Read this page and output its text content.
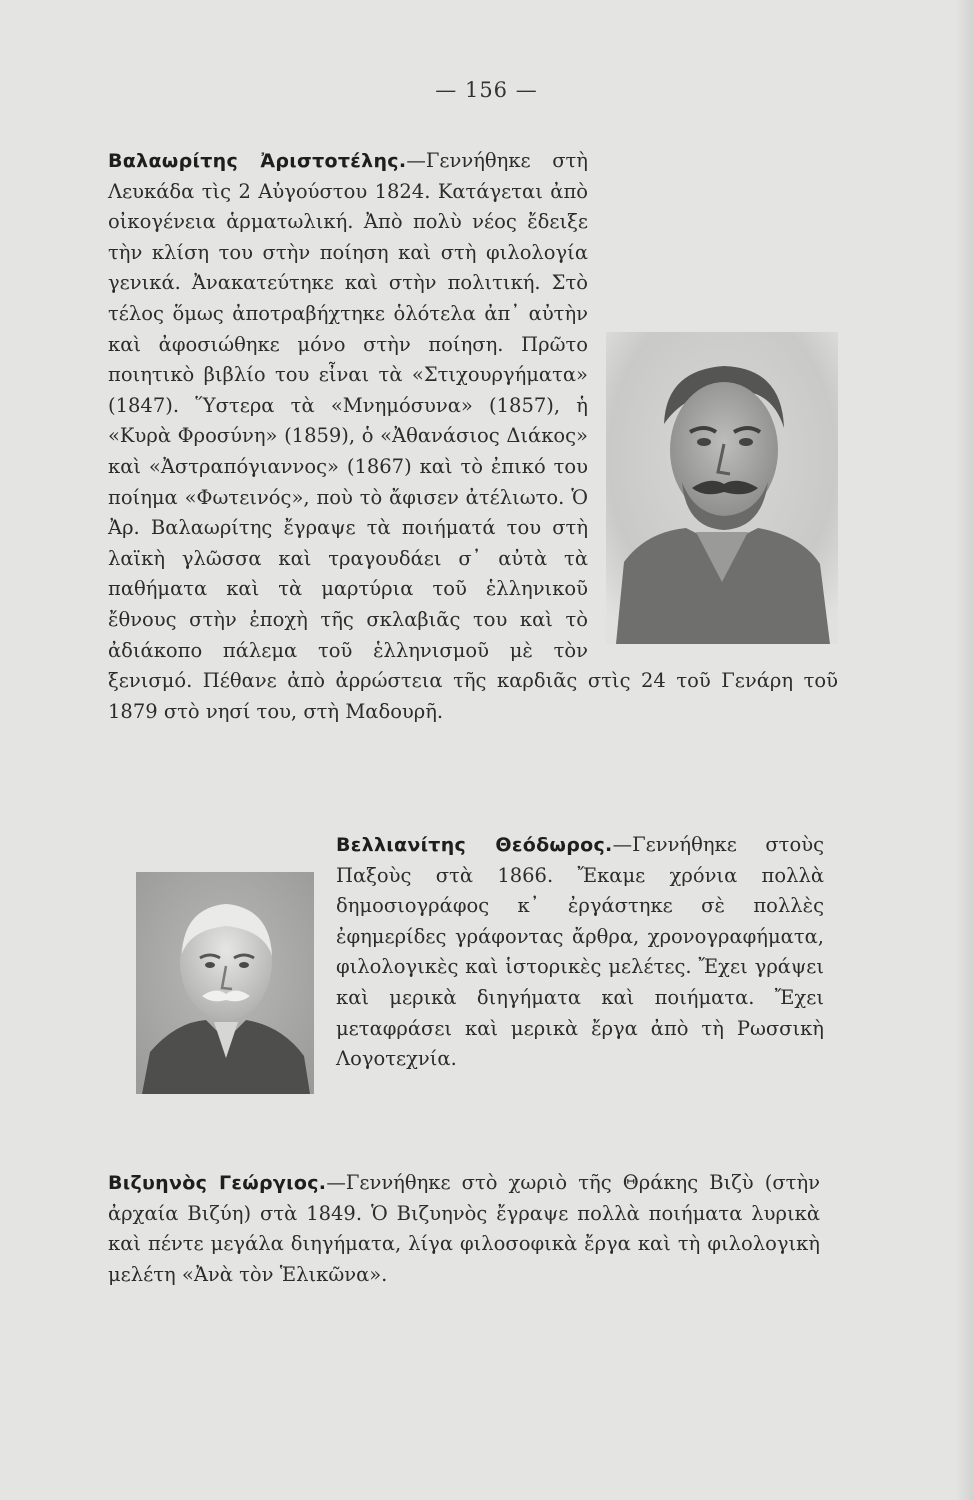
— 156 —

Βαλαωρίτης Ἀριστοτέλης.—Γεννήθηκε στὴ Λευκάδα τὶς 2 Αὐγούστου 1824. Κατάγεται ἀπὸ οἰκογένεια ἁρματωλική. Ἀπὸ πολὺ νέος ἔδειξε τὴν κλίση του στὴν ποίηση καὶ στὴ φιλολογία γενικά. Ἀνακατεύτηκε καὶ στὴν πολιτική. Στὸ τέλος ὅμως ἀποτραβήχτηκε ὁλότελα ἀπ᾽ αὐτὴν καὶ ἀφοσιώθηκε μόνο στὴν ποίηση. Πρῶτο ποιητικὸ βιβλίο του εἶναι τὰ «Στιχουργήματα» (1847). Ὕστερα τὰ «Μνημόσυνα» (1857), ἡ «Κυρὰ Φροσύνη» (1859), ὁ «Ἀθανάσιος Διάκος» καὶ «Ἀστραπόγιαννος» (1867) καὶ τὸ ἐπικό του ποίημα «Φωτεινός», ποὺ τὸ ἄφισεν ἀτέλιωτο. Ὁ Ἀρ. Βαλαωρίτης ἔγραψε τὰ ποιήματά του στὴ λαϊκὴ γλῶσσα καὶ τραγουδάει σ᾽ αὐτὰ τὰ παθήματα καὶ τὰ μαρτύρια τοῦ ἑλληνικοῦ ἔθνους στὴν ἐποχὴ τῆς σκλαβιᾶς του καὶ τὸ ἀδιάκοπο πάλεμα τοῦ ἑλληνισμοῦ μὲ τὸν ξενισμό. Πέθανε ἀπὸ ἀρρώστεια τῆς καρδιᾶς στὶς 24 τοῦ Γενάρη τοῦ 1879 στὸ νησί του, στὴ Μαδουρῆ.

Βελλιανίτης Θεόδωρος.—Γεννήθηκε στοὺς Παξοὺς στὰ 1866. Ἔκαμε χρόνια πολλὰ δημοσιογράφος κ᾽ ἐργάστηκε σὲ πολλὲς ἐφημερίδες γράφοντας ἄρθρα, χρονογραφήματα, φιλολογικὲς καὶ ἱστορικὲς μελέτες. Ἔχει γράψει καὶ μερικὰ διηγήματα καὶ ποιήματα. Ἔχει μεταφράσει καὶ μερικὰ ἔργα ἀπὸ τὴ Ρωσσικὴ Λογοτεχνία.

Βιζυηνὸς Γεώργιος.—Γεννήθηκε στὸ χωριὸ τῆς Θράκης Βιζὺ (στὴν ἀρχαία Βιζύη) στὰ 1849. Ὁ Βιζυηνὸς ἔγραψε πολλὰ ποιήματα λυρικὰ καὶ πέντε μεγάλα διηγήματα, λίγα φιλοσοφικὰ ἔργα καὶ τὴ φιλολογικὴ μελέτη «Ἀνὰ τὸν Ἑλικῶνα».
